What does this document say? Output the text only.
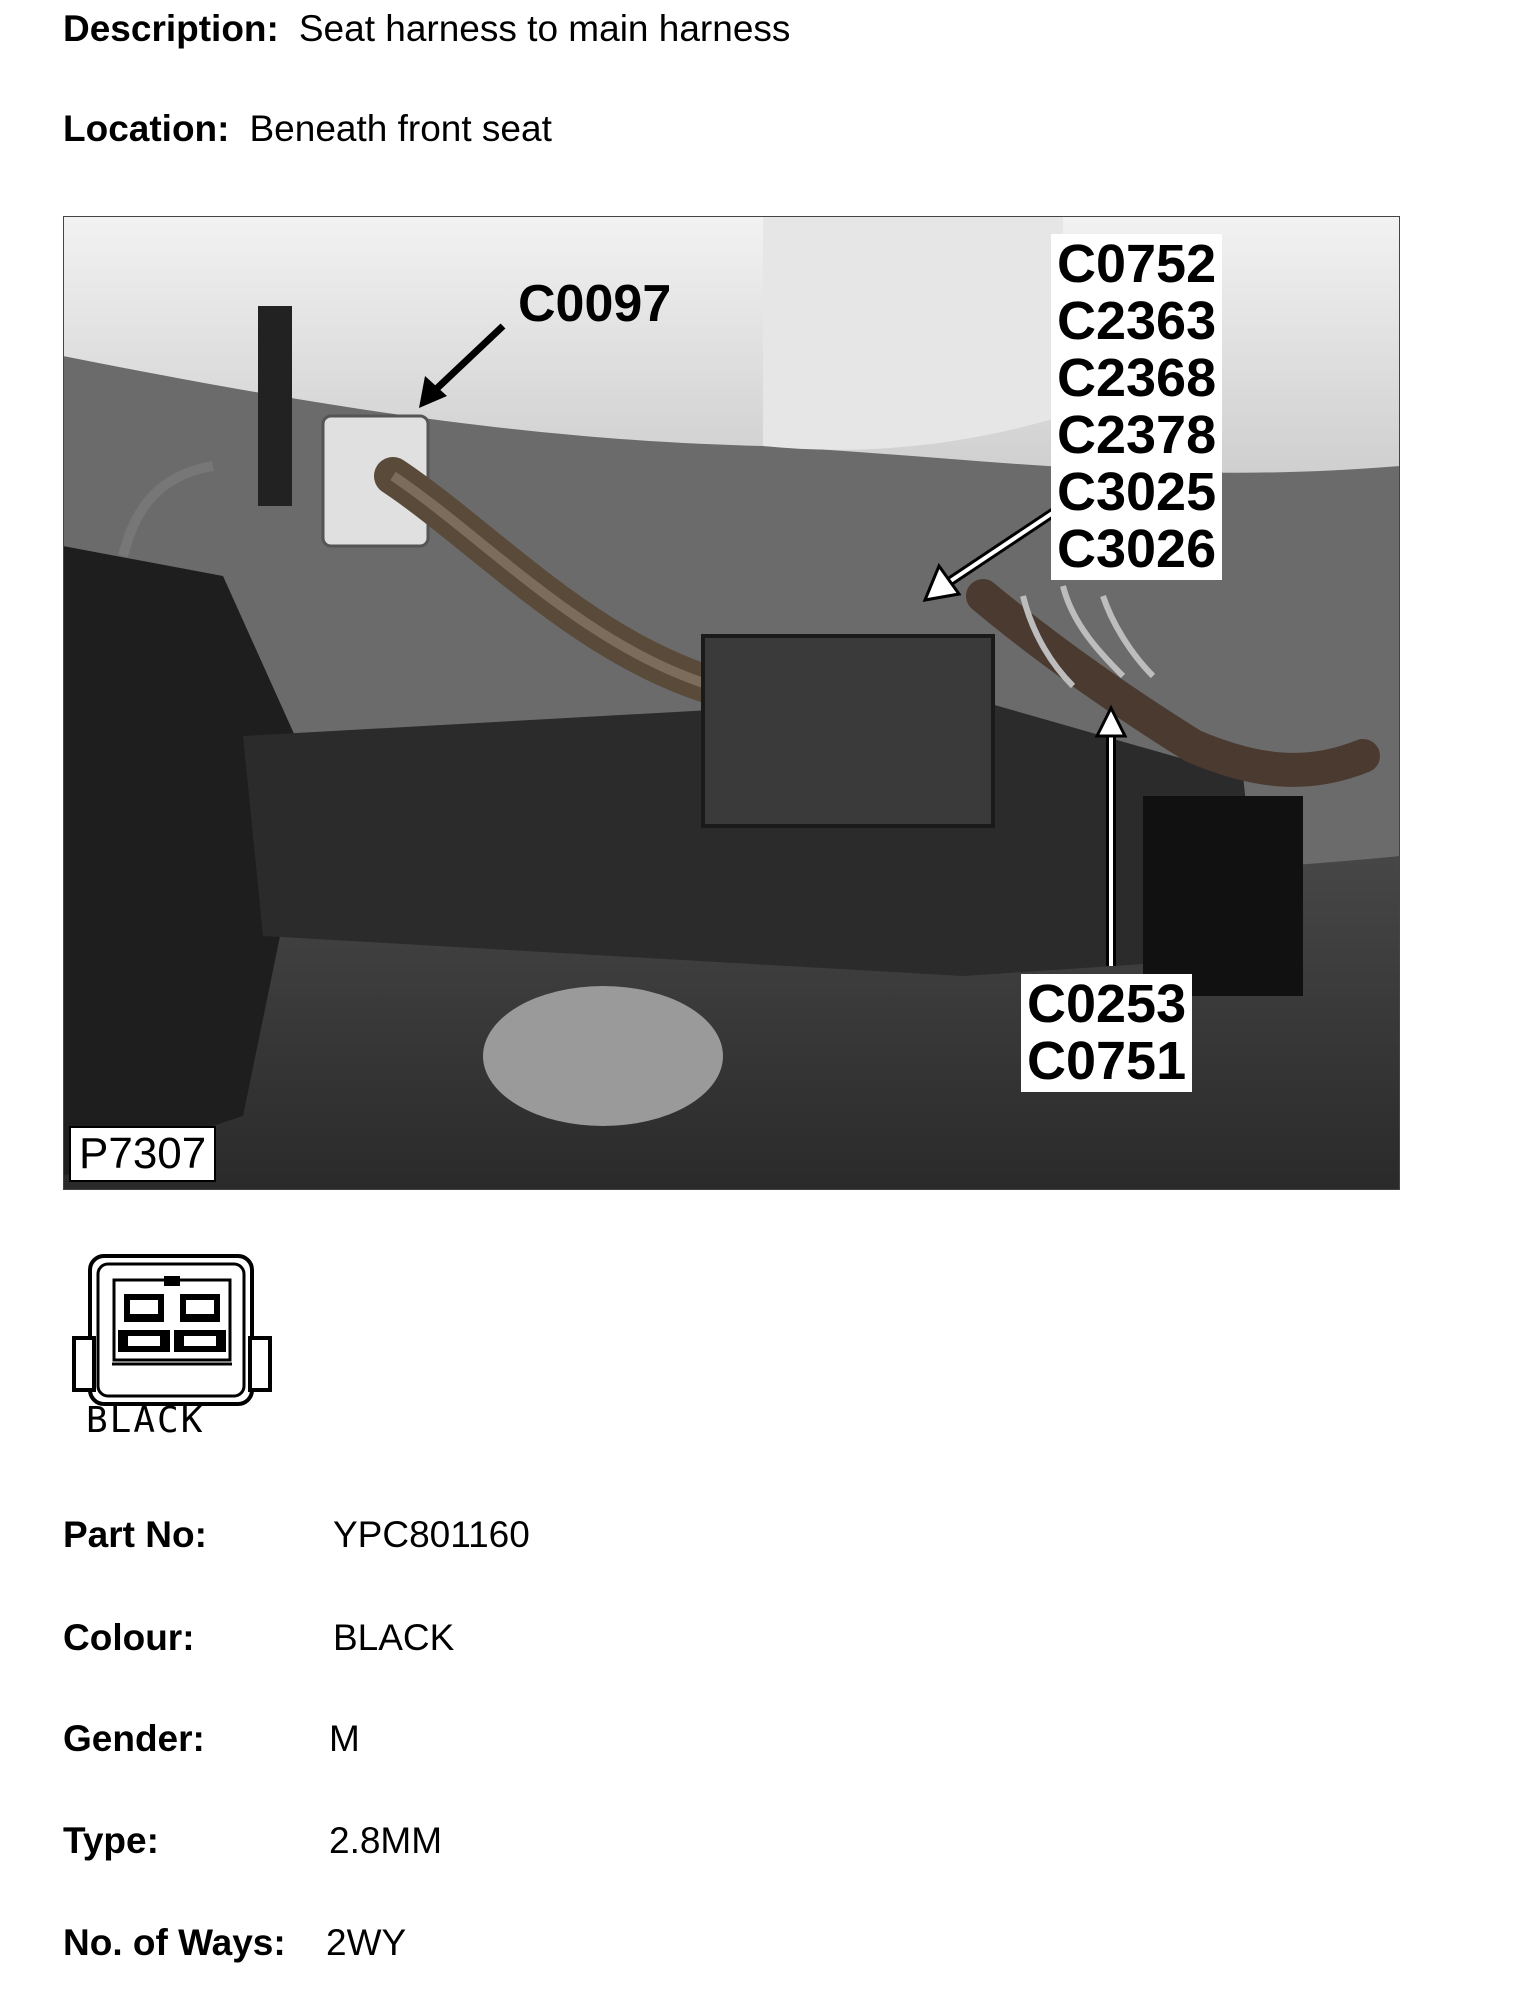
Description: Seat harness to main harness
Location: Beneath front seat
C0097
C0752
C2363
C2368
C2378
C3025
C3026
C0253
C0751
P7307
BLACK
Part No:	YPC801160
Colour:	BLACK
Gender:	M
Type:	2.8MM
No. of Ways: 2WY
